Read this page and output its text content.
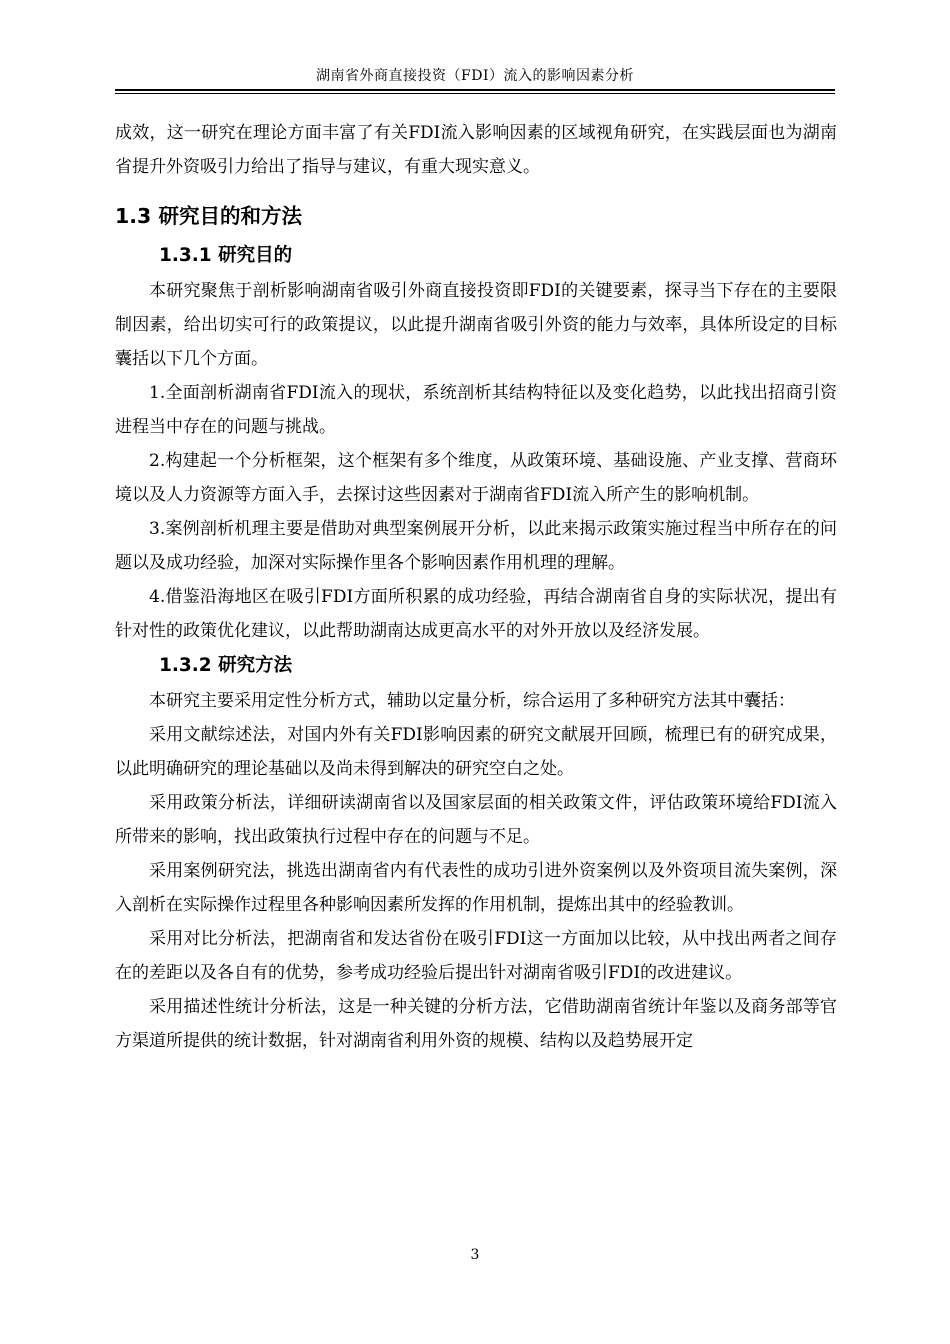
湖南省外商直接投资（FDI）流入的影响因素分析

成效，这一研究在理论方面丰富了有关FDI流入影响因素的区域视角研究，在实践层面也为湖南省提升外资吸引力给出了指导与建议，有重大现实意义。

1.3 研究目的和方法
1.3.1 研究目的

本研究聚焦于剖析影响湖南省吸引外商直接投资即FDI的关键要素，探寻当下存在的主要限制因素，给出切实可行的政策提议，以此提升湖南省吸引外资的能力与效率，具体所设定的目标囊括以下几个方面。

1.全面剖析湖南省FDI流入的现状，系统剖析其结构特征以及变化趋势，以此找出招商引资进程当中存在的问题与挑战。

2.构建起一个分析框架，这个框架有多个维度，从政策环境、基础设施、产业支撑、营商环境以及人力资源等方面入手，去探讨这些因素对于湖南省FDI流入所产生的影响机制。

3.案例剖析机理主要是借助对典型案例展开分析，以此来揭示政策实施过程当中所存在的问题以及成功经验，加深对实际操作里各个影响因素作用机理的理解。

4.借鉴沿海地区在吸引FDI方面所积累的成功经验，再结合湖南省自身的实际状况，提出有针对性的政策优化建议，以此帮助湖南达成更高水平的对外开放以及经济发展。

1.3.2 研究方法

本研究主要采用定性分析方式，辅助以定量分析，综合运用了多种研究方法其中囊括：

采用文献综述法，对国内外有关FDI影响因素的研究文献展开回顾，梳理已有的研究成果，以此明确研究的理论基础以及尚未得到解决的研究空白之处。

采用政策分析法，详细研读湖南省以及国家层面的相关政策文件，评估政策环境给FDI流入所带来的影响，找出政策执行过程中存在的问题与不足。

采用案例研究法，挑选出湖南省内有代表性的成功引进外资案例以及外资项目流失案例，深入剖析在实际操作过程里各种影响因素所发挥的作用机制，提炼出其中的经验教训。

采用对比分析法，把湖南省和发达省份在吸引FDI这一方面加以比较，从中找出两者之间存在的差距以及各自有的优势，参考成功经验后提出针对湖南省吸引FDI的改进建议。

采用描述性统计分析法，这是一种关键的分析方法，它借助湖南省统计年鉴以及商务部等官方渠道所提供的统计数据，针对湖南省利用外资的规模、结构以及趋势展开定

3
